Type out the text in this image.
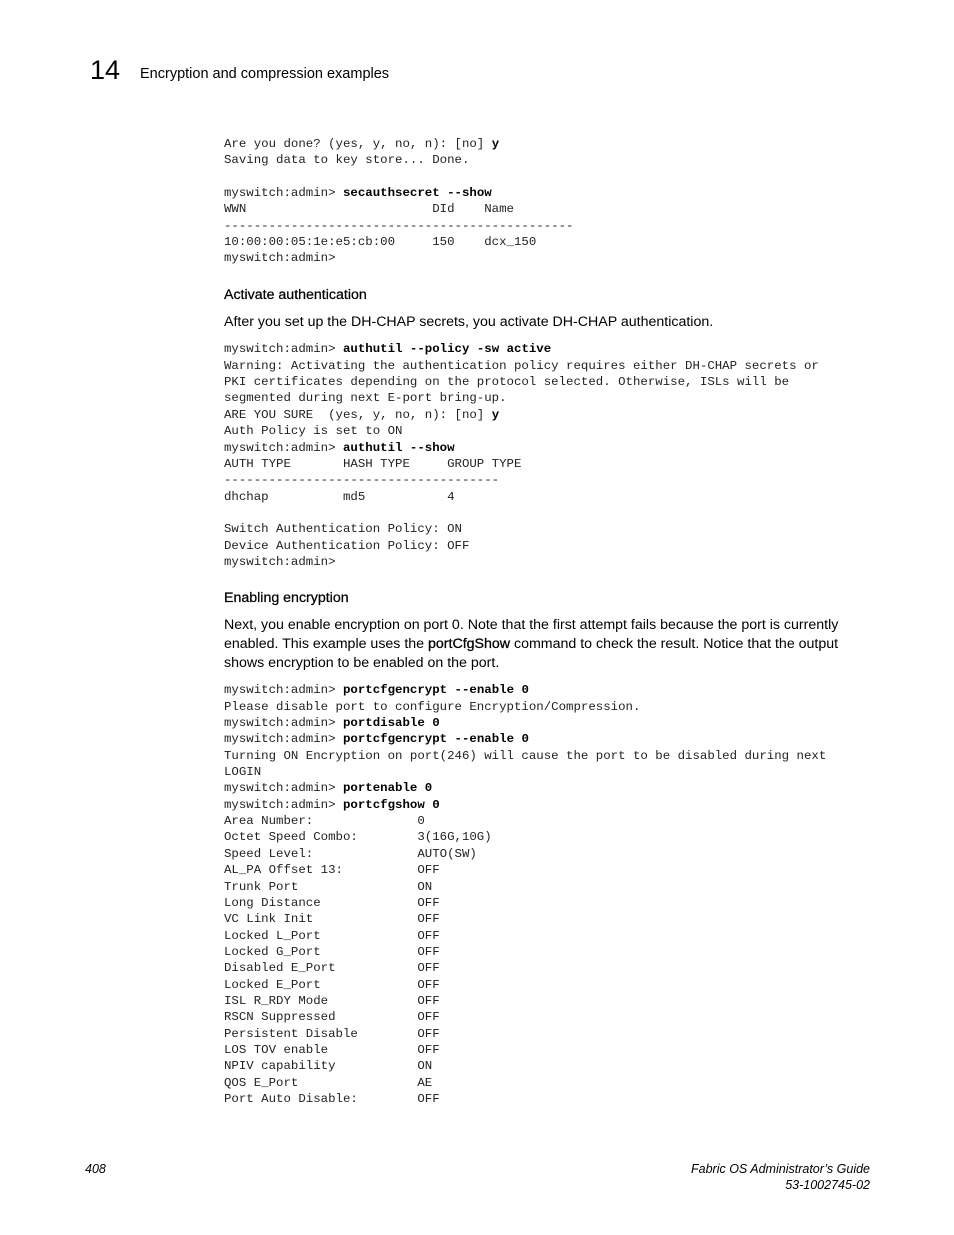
14 Encryption and compression examples
Are you done? (yes, y, no, n): [no] y
Saving data to key store... Done.

myswitch:admin> secauthsecret --show
WWN                         DId    Name
-----------------------------------------------
10:00:00:05:1e:e5:cb:00     150    dcx_150
myswitch:admin>
Activate authentication

After you set up the DH-CHAP secrets, you activate DH-CHAP authentication.

myswitch:admin> authutil --policy -sw active
Warning: Activating the authentication policy requires either DH-CHAP secrets or
PKI certificates depending on the protocol selected. Otherwise, ISLs will be
segmented during next E-port bring-up.
ARE YOU SURE  (yes, y, no, n): [no] y
Auth Policy is set to ON
myswitch:admin> authutil --show
AUTH TYPE       HASH TYPE     GROUP TYPE
-------------------------------------
dhchap          md5           4

Switch Authentication Policy: ON
Device Authentication Policy: OFF
myswitch:admin>
Enabling encryption

Next, you enable encryption on port 0. Note that the first attempt fails because the port is currently enabled. This example uses the portCfgShow command to check the result. Notice that the output shows encryption to be enabled on the port.

myswitch:admin> portcfgencrypt --enable 0
Please disable port to configure Encryption/Compression.
myswitch:admin> portdisable 0
myswitch:admin> portcfgencrypt --enable 0
Turning ON Encryption on port(246) will cause the port to be disabled during next
LOGIN
myswitch:admin> portenable 0
myswitch:admin> portcfgshow 0
Area Number:              0
Octet Speed Combo:        3(16G,10G)
Speed Level:              AUTO(SW)
AL_PA Offset 13:          OFF
Trunk Port                ON
Long Distance             OFF
VC Link Init              OFF
Locked L_Port             OFF
Locked G_Port             OFF
Disabled E_Port           OFF
Locked E_Port             OFF
ISL R_RDY Mode            OFF
RSCN Suppressed           OFF
Persistent Disable        OFF
LOS TOV enable            OFF
NPIV capability           ON
QOS E_Port                AE
Port Auto Disable:        OFF
408	Fabric OS Administrator’s Guide
53-1002745-02
